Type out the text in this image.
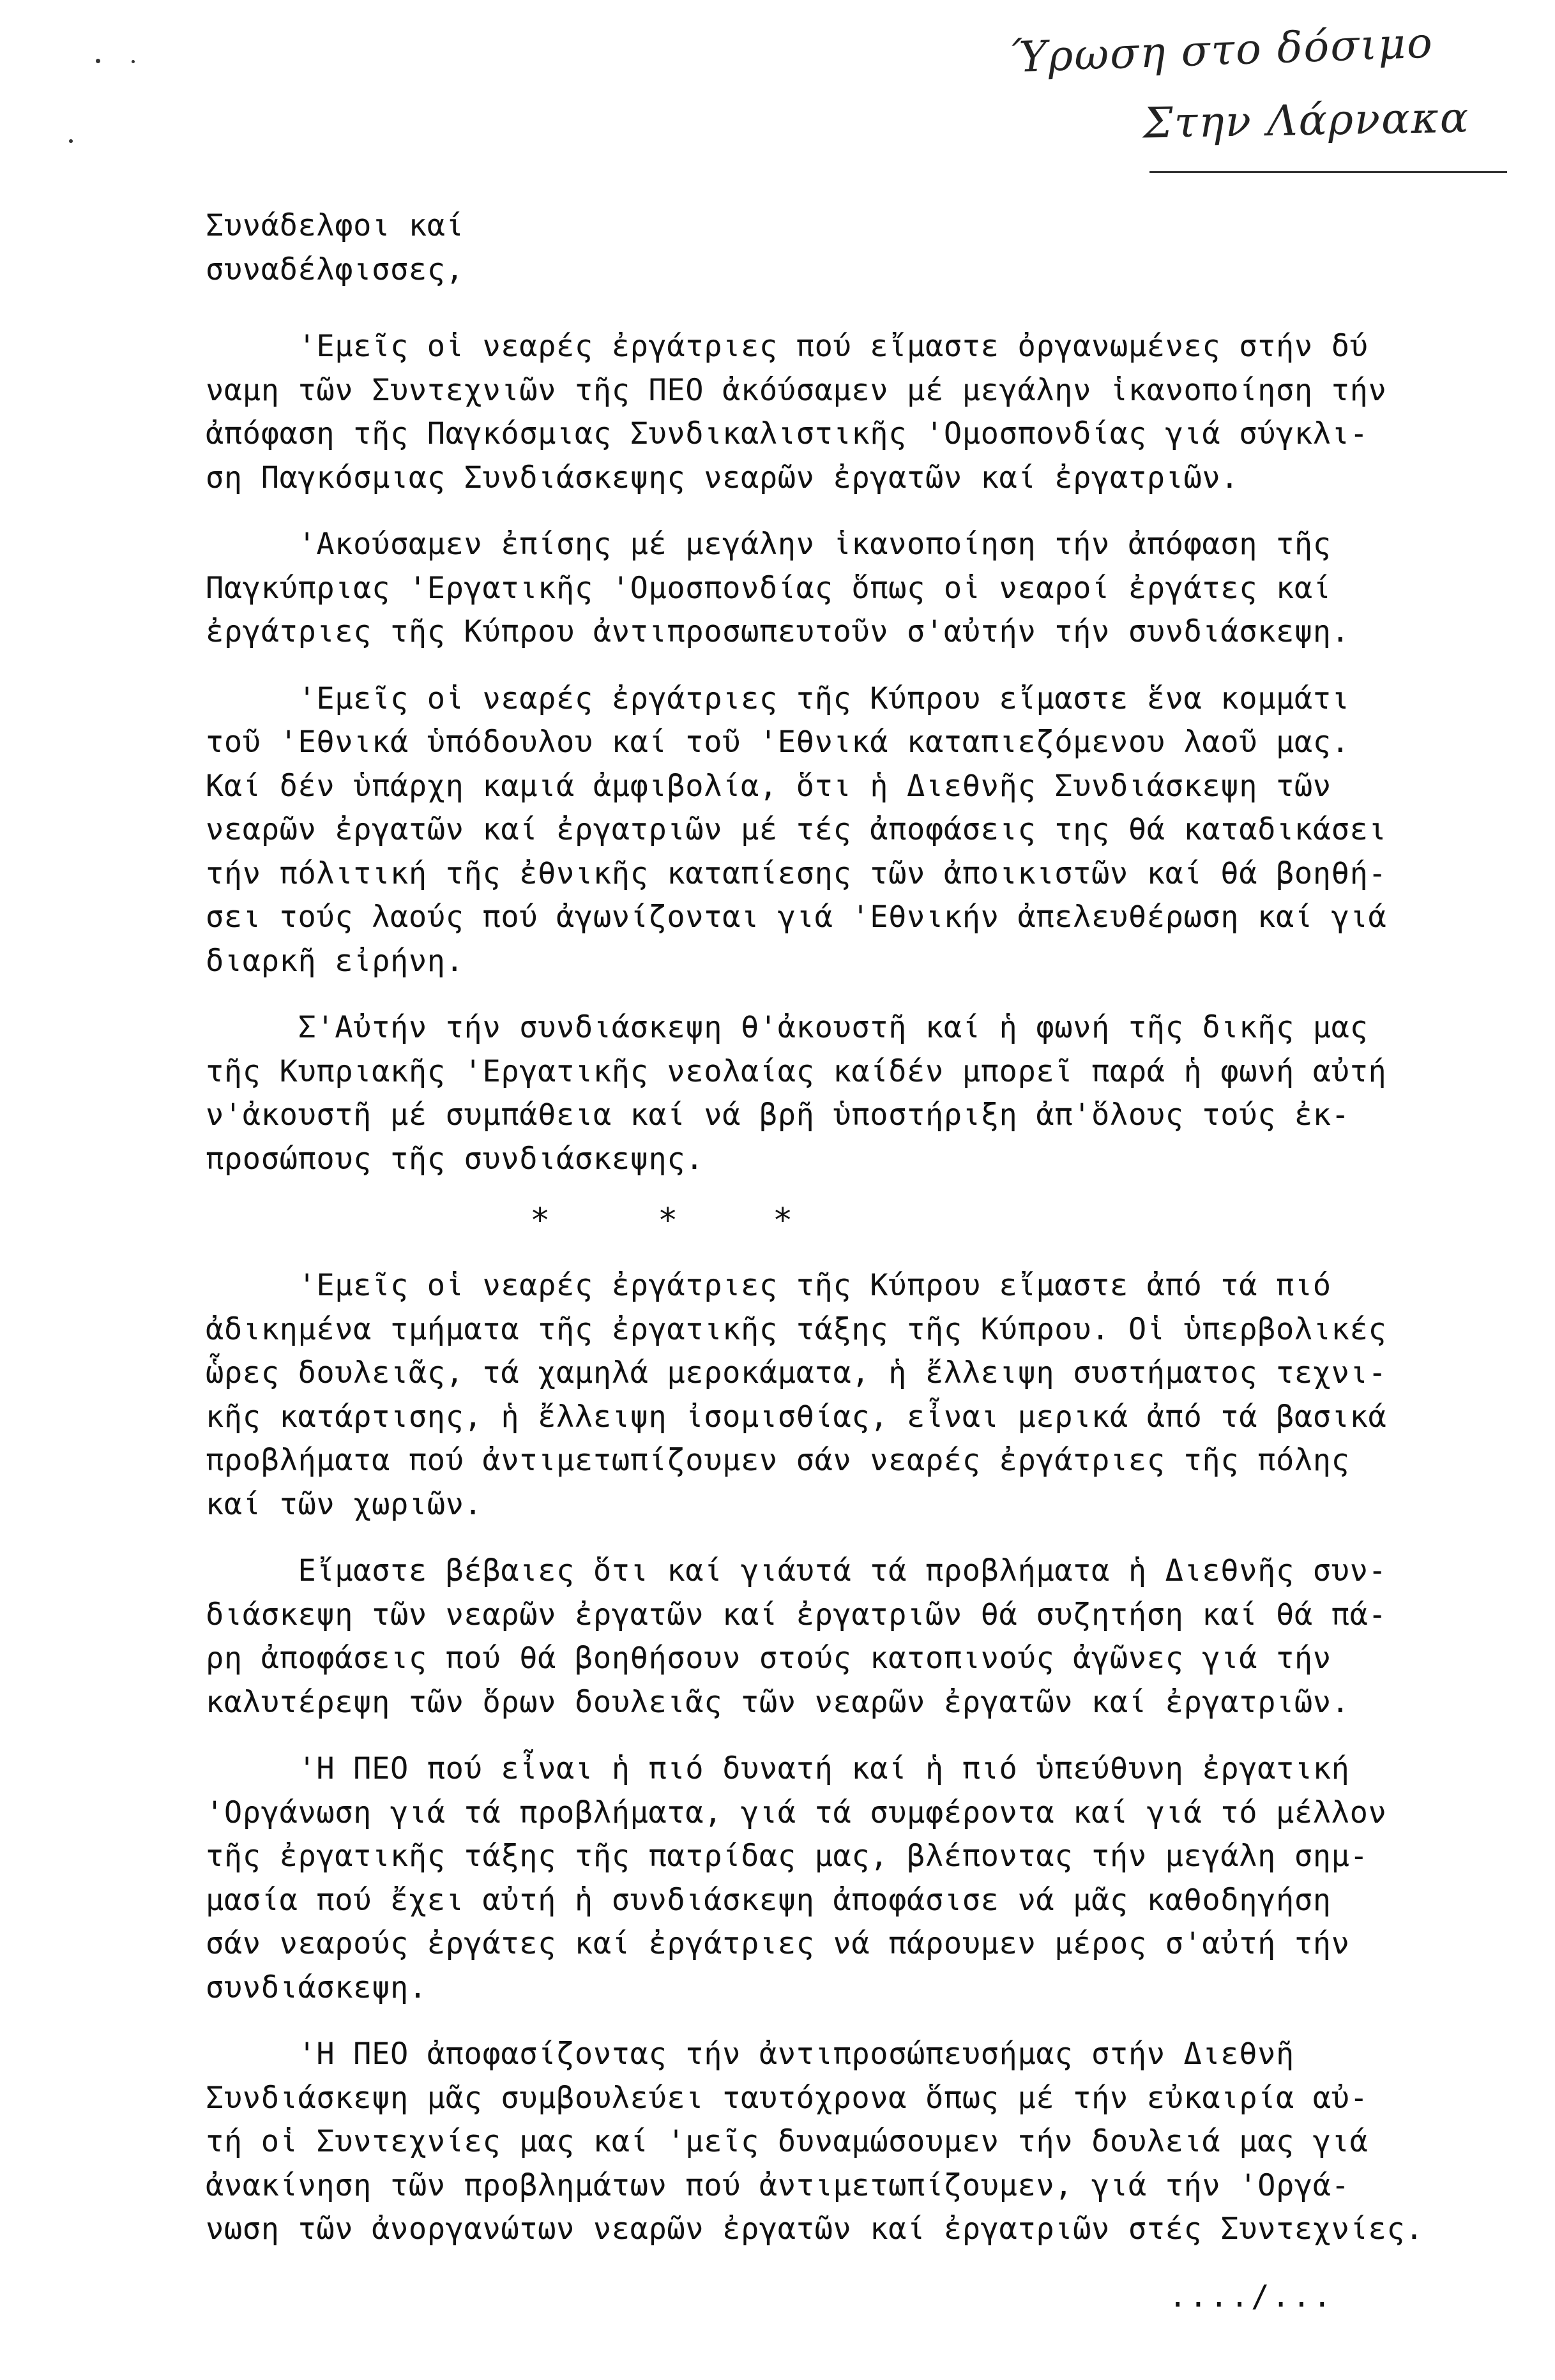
Ύρωση στο δόσιμο
Στην Λάρνακα
Συνάδελφοι καί
συναδέλφισσες,
'Εμεῖς οἱ νεαρές ἐργάτριες πού εἴμαστε ὀργανωμένες στήν δύ
ναμη τῶν Συντεχνιῶν τῆς ΠΕΟ ἀκόύσαμεν μέ μεγάλην ἱκανοποίηση τήν
ἀπόφαση τῆς Παγκόσμιας Συνδικαλιστικῆς 'Ομοσπονδίας γιά σύγκλι-
ση Παγκόσμιας Συνδιάσκεψης νεαρῶν ἐργατῶν καί ἐργατριῶν.
'Ακούσαμεν ἐπίσης μέ μεγάλην ἱκανοποίηση τήν ἀπόφαση τῆς
Παγκύπριας 'Εργατικῆς 'Ομοσπονδίας ὅπως οἱ νεαροί ἐργάτες καί
ἐργάτριες τῆς Κύπρου ἀντιπροσωπευτοῦν σ'αὐτήν τήν συνδιάσκεψη.
'Εμεῖς οἱ νεαρές ἐργάτριες τῆς Κύπρου εἴμαστε ἕνα κομμάτι
τοῦ 'Εθνικά ὑπόδουλου καί τοῦ 'Εθνικά καταπιεζόμενου λαοῦ μας.
Καί δέν ὑπάρχη καμιά ἀμφιβολία, ὅτι ἡ Διεθνῆς Συνδιάσκεψη τῶν
νεαρῶν ἐργατῶν καί ἐργατριῶν μέ τές ἀποφάσεις της θά καταδικάσει
τήν πόλιτική τῆς ἐθνικῆς καταπίεσης τῶν ἀποικιστῶν καί θά βοηθή-
σει τούς λαούς πού ἀγωνίζονται γιά 'Εθνικήν ἀπελευθέρωση καί γιά
διαρκῆ εἰρήνη.
Σ'Αὐτήν τήν συνδιάσκεψη θ'ἀκουστῆ καί ἡ φωνή τῆς δικῆς μας
τῆς Κυπριακῆς 'Εργατικῆς νεολαίας καίδέν μπορεῖ παρά ἡ φωνή αὐτή
ν'ἀκουστῆ μέ συμπάθεια καί νά βρῆ ὑποστήριξη ἀπ'ὅλους τούς ἐκ-
προσώπους τῆς συνδιάσκεψης.
*	*	*
'Εμεῖς οἱ νεαρές ἐργάτριες τῆς Κύπρου εἴμαστε ἀπό τά πιό
ἀδικημένα τμήματα τῆς ἐργατικῆς τάξης τῆς Κύπρου. Οἱ ὑπερβολικές
ὧρες δουλειᾶς, τά χαμηλά μεροκάματα, ἡ ἔλλειψη συστήματος τεχνι-
κῆς κατάρτισης, ἡ ἔλλειψη ἰσομισθίας, εἶναι μερικά ἀπό τά βασικά
προβλήματα πού ἀντιμετωπίζουμεν σάν νεαρές ἐργάτριες τῆς πόλης
καί τῶν χωριῶν.
Εἴμαστε βέβαιες ὅτι καί γιάυτά τά προβλήματα ἡ Διεθνῆς συν-
διάσκεψη τῶν νεαρῶν ἐργατῶν καί ἐργατριῶν θά συζητήση καί θά πά-
ρη ἀποφάσεις πού θά βοηθήσουν στούς κατοπινούς ἀγῶνες γιά τήν
καλυτέρεψη τῶν ὅρων δουλειᾶς τῶν νεαρῶν ἐργατῶν καί ἐργατριῶν.
'Η ΠΕΟ πού εἶναι ἡ πιό δυνατή καί ἡ πιό ὑπεύθυνη ἐργατική
'Οργάνωση γιά τά προβλήματα, γιά τά συμφέροντα καί γιά τό μέλλον
τῆς ἐργατικῆς τάξης τῆς πατρίδας μας, βλέποντας τήν μεγάλη σημ-
μασία πού ἔχει αὐτή ἡ συνδιάσκεψη ἀποφάσισε νά μᾶς καθοδηγήση
σάν νεαρούς ἐργάτες καί ἐργάτριες νά πάρουμεν μέρος σ'αὐτή τήν
συνδιάσκεψη.
'Η ΠΕΟ ἀποφασίζοντας τήν ἀντιπροσώπευσήμας στήν Διεθνῆ
Συνδιάσκεψη μᾶς συμβουλεύει ταυτόχρονα ὅπως μέ τήν εὐκαιρία αὐ-
τή οἱ Συντεχνίες μας καί 'μεῖς δυναμώσουμεν τήν δουλειά μας γιά
ἀνακίνηση τῶν προβλημάτων πού ἀντιμετωπίζουμεν, γιά τήν 'Οργά-
νωση τῶν ἀνοργανώτων νεαρῶν ἐργατῶν καί ἐργατριῶν στές Συντεχνίες.
..../...
